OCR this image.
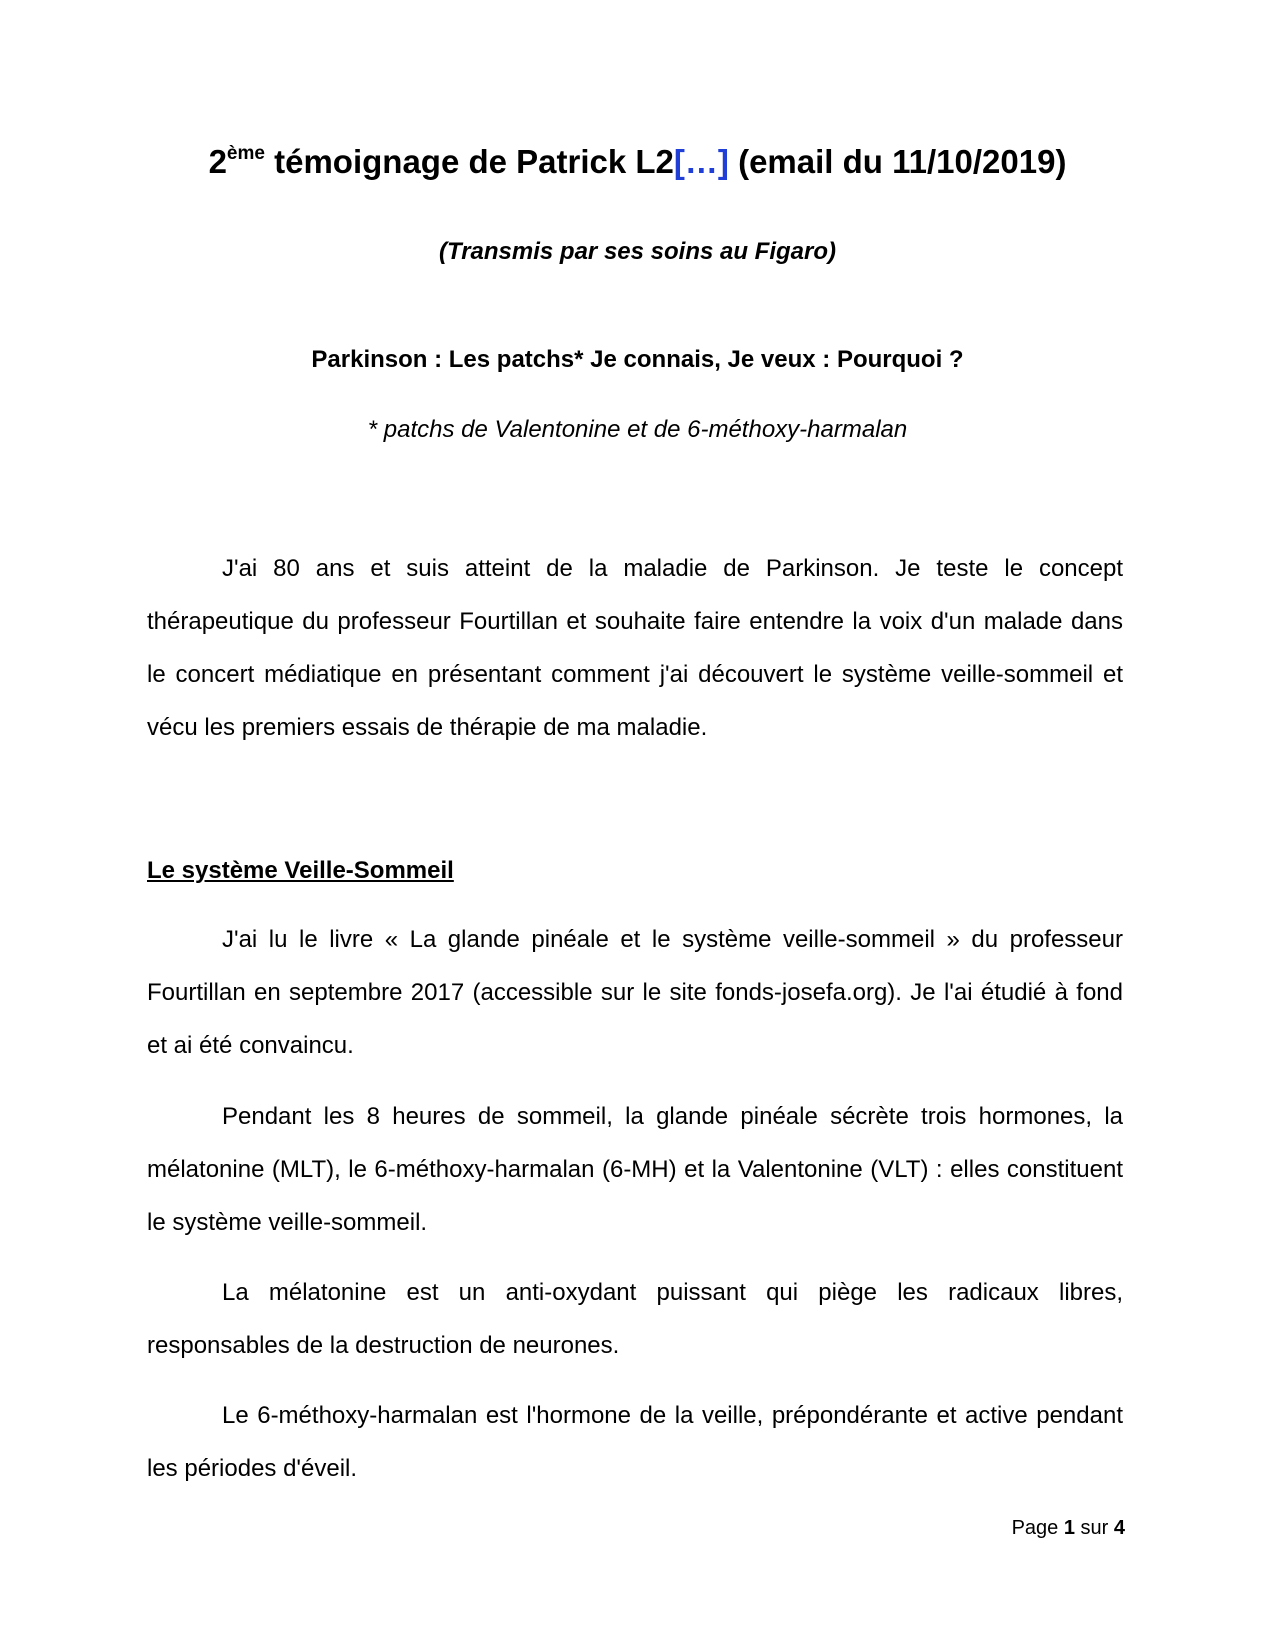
2ème témoignage de Patrick L2[…] (email du 11/10/2019)
(Transmis par ses soins au Figaro)
Parkinson : Les patchs* Je connais, Je veux : Pourquoi ?
* patchs de Valentonine et de 6-méthoxy-harmalan

J'ai 80 ans et suis atteint de la maladie de Parkinson. Je teste le concept thérapeutique du professeur Fourtillan et souhaite faire entendre la voix d'un malade dans le concert médiatique en présentant comment j'ai découvert le système veille-sommeil et vécu les premiers essais de thérapie de ma maladie.

Le système Veille-Sommeil

J'ai lu le livre « La glande pinéale et le système veille-sommeil » du professeur Fourtillan en septembre 2017 (accessible sur le site fonds-josefa.org). Je l'ai étudié à fond et ai été convaincu.

Pendant les 8 heures de sommeil, la glande pinéale sécrète trois hormones, la mélatonine (MLT), le 6-méthoxy-harmalan (6-MH) et la Valentonine (VLT) : elles constituent le système veille-sommeil.

La mélatonine est un anti-oxydant puissant qui piège les radicaux libres, responsables de la destruction de neurones.

Le 6-méthoxy-harmalan est l'hormone de la veille, prépondérante et active pendant les périodes d'éveil.

Page 1 sur 4
